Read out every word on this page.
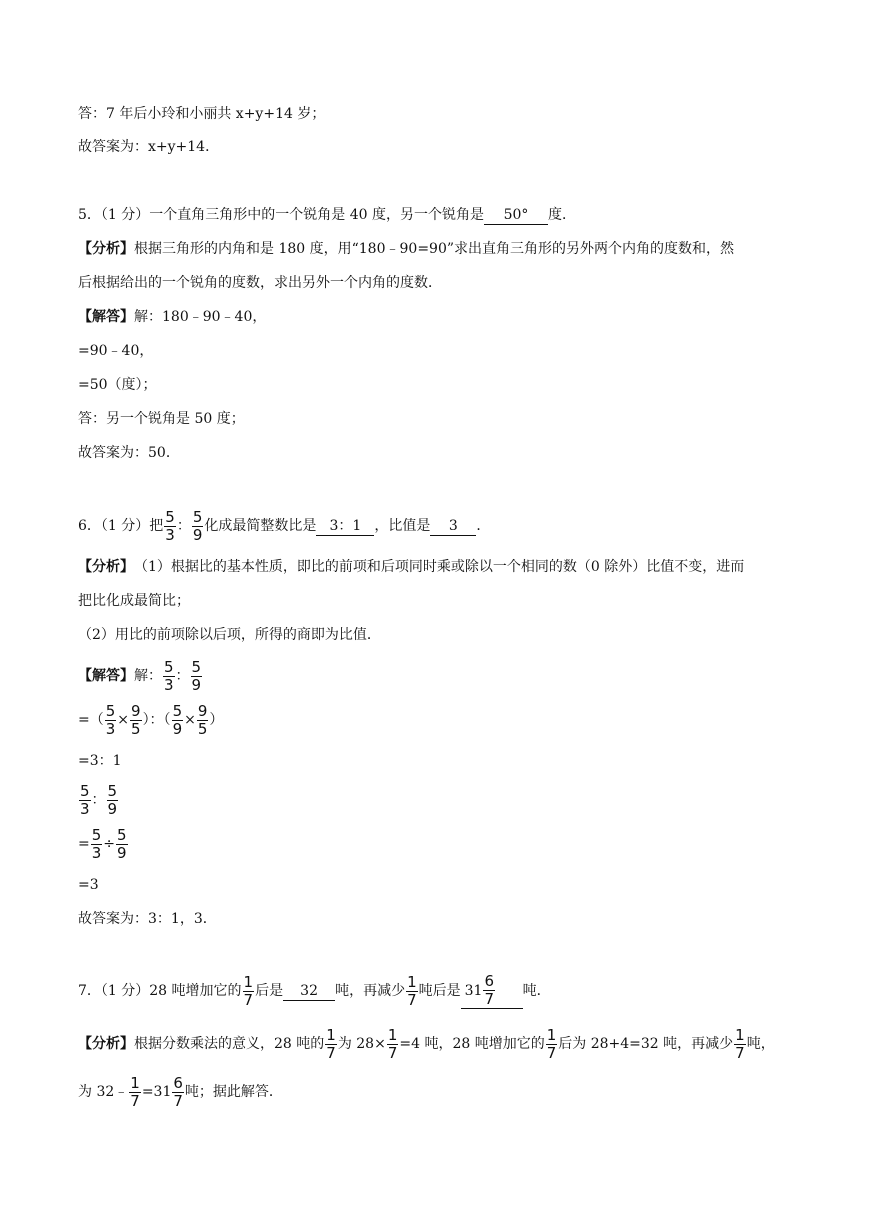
答：7 年后小玲和小丽共 x+y+14 岁；
故答案为：x+y+14．
5．（1 分）一个直角三角形中的一个锐角是 40 度，另一个锐角是	50°	度．
【分析】 根据三角形的内角和是 180 度，用“180﹣90=90”求出直角三角形的另外两个内角的度数和，然
后根据给出的一个锐角的度数，求出另外一个内角的度数．
【解答】 解：180﹣90﹣40，
=90﹣40，
=50（度）；
答：另一个锐角是 50 度；
故答案为：50．
6．（1 分）把 $\frac{5}{3}$ ： $\frac{5}{9}$ 化成最简整数比是 3：1 ，比值是	3	．
【分析】 （1）根据比的基本性质，即比的前项和后项同时乘或除以一个相同的数（0 除外）比值不变，进而
把比化成最简比；
（2）用比的前项除以后项，所得的商即为比值．
【解答】 解： $\frac{5}{3}$ ： $\frac{5}{9}$
=（ $\frac{5}{3} \times \frac{9}{5}$ ）：（ $\frac{5}{9} \times \frac{9}{5}$ ）
=3：1
$\frac{5}{3}$ ： $\frac{5}{9}$
= $\frac{5}{3} \div \frac{5}{9}$
=3
故答案为：3：1，3．
7．（1 分）28 吨增加它的 $\frac{1}{7}$ 后是	32	吨，再减少 $\frac{1}{7}$ 吨后是 $31 \frac{6}{7}$ 吨．
【分析】 根据分数乘法的意义，28 吨的 $\frac{1}{7}$ 为 $28\times \frac{1}{7} =4$ 吨，28 吨增加它的 $\frac{1}{7}$ 后为 28+4=32 吨，再减少 $\frac{1}{7}$ 吨，
为 32﹣ $\frac{1}{7} =31 \frac{6}{7}$ 吨；据此解答．
